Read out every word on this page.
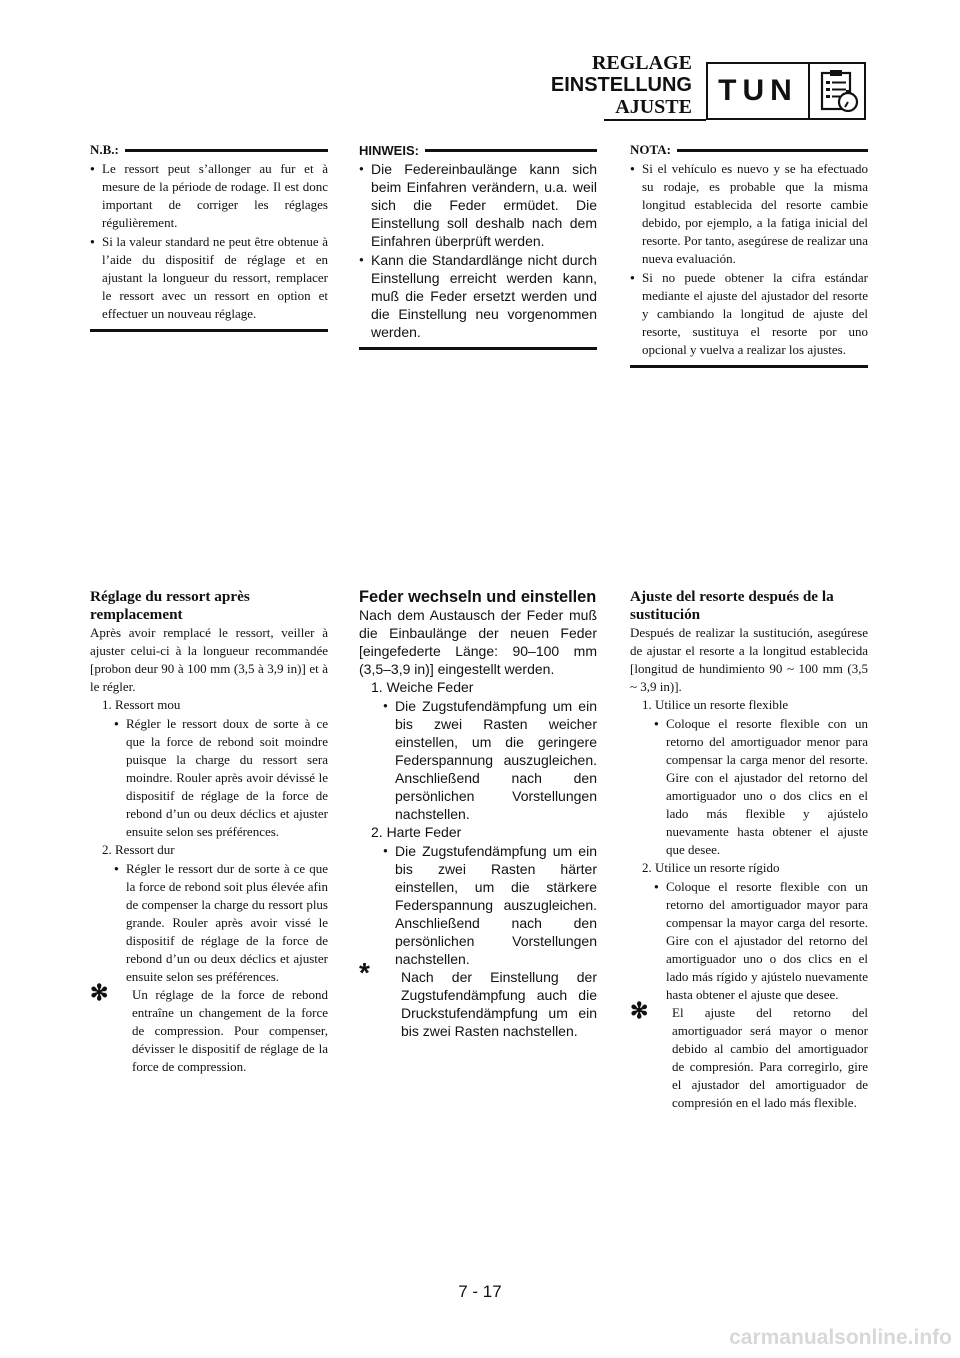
REGLAGE
EINSTELLUNG
AJUSTE TUN
N.B.:
● Le ressort peut s’allonger au fur et à mesure de la période de rodage. Il est donc important de corriger les réglages régulièrement.
● Si la valeur standard ne peut être obtenue à l’aide du dispositif de réglage et en ajustant la longueur du ressort, remplacer le ressort avec un ressort en option et effectuer un nouveau réglage.
HINWEIS:
● Die Federeinbaulänge kann sich beim Einfahren verändern, u.a. weil sich die Feder ermüdet. Die Einstellung soll deshalb nach dem Einfahren überprüft werden.
● Kann die Standardlänge nicht durch Einstellung erreicht werden kann, muß die Feder ersetzt werden und die Einstellung neu vorgenommen werden.
NOTA:
● Si el vehículo es nuevo y se ha efectuado su rodaje, es probable que la misma longitud establecida del resorte cambie debido, por ejemplo, a la fatiga inicial del resorte. Por tanto, asegúrese de realizar una nueva evaluación.
● Si no puede obtener la cifra estándar mediante el ajuste del ajustador del resorte y cambiando la longitud de ajuste del resorte, sustituya el resorte por uno opcional y vuelva a realizar los ajustes.
Réglage du ressort après remplacement

Après avoir remplacé le ressort, veiller à ajuster celui-ci à la longueur recommandée [probon deur 90 à 100 mm (3,5 à 3,9 in)] et à le régler.

1. Ressort mou
● Régler le ressort doux de sorte à ce que la force de rebond soit moindre puisque la charge du ressort sera moindre. Rouler après avoir dévissé le dispositif de réglage de la force de rebond d’un ou deux déclics et ajuster ensuite selon ses préférences.
2. Ressort dur
● Régler le ressort dur de sorte à ce que la force de rebond soit plus élevée afin de compenser la charge du ressort plus grande. Rouler après avoir vissé le dispositif de réglage de la force de rebond d’un ou deux déclics et ajuster ensuite selon ses préférences.
✻ Un réglage de la force de rebond entraîne un changement de la force de compression. Pour compenser, dévisser le dispositif de réglage de la force de compression.

Feder wechseln und einstellen

Nach dem Austausch der Feder muß die Einbaulänge der neuen Feder [eingefederte Länge: 90–100 mm (3,5–3,9 in)] eingestellt werden.

1. Weiche Feder
● Die Zugstufendämpfung um ein bis zwei Rasten weicher einstellen, um die geringere Federspannung auszugleichen. Anschließend nach den persönlichen Vorstellungen nachstellen.
2. Harte Feder
● Die Zugstufendämpfung um ein bis zwei Rasten härter einstellen, um die stärkere Federspannung auszugleichen. Anschließend nach den persönlichen Vorstellungen nachstellen.
* Nach der Einstellung der Zugstufendämpfung auch die Druckstufendämpfung um ein bis zwei Rasten nachstellen.

Ajuste del resorte después de la sustitución

Después de realizar la sustitución, asegúrese de ajustar el resorte a la longitud establecida [longitud de hundimiento 90 ~ 100 mm (3,5 ~ 3,9 in)].

1. Utilice un resorte flexible
● Coloque el resorte flexible con un retorno del amortiguador menor para compensar la carga menor del resorte. Gire con el ajustador del retorno del amortiguador uno o dos clics en el lado más flexible y ajústelo nuevamente hasta obtener el ajuste que desee.
2. Utilice un resorte rígido
● Coloque el resorte flexible con un retorno del amortiguador mayor para compensar la mayor carga del resorte. Gire con el ajustador del retorno del amortiguador uno o dos clics en el lado más rígido y ajústelo nuevamente hasta obtener el ajuste que desee.
✻ El ajuste del retorno del amortiguador será mayor o menor debido al cambio del amortiguador de compresión. Para corregirlo, gire el ajustador del amortiguador de compresión en el lado más flexible.

7 - 17
carmanualsonline.info
